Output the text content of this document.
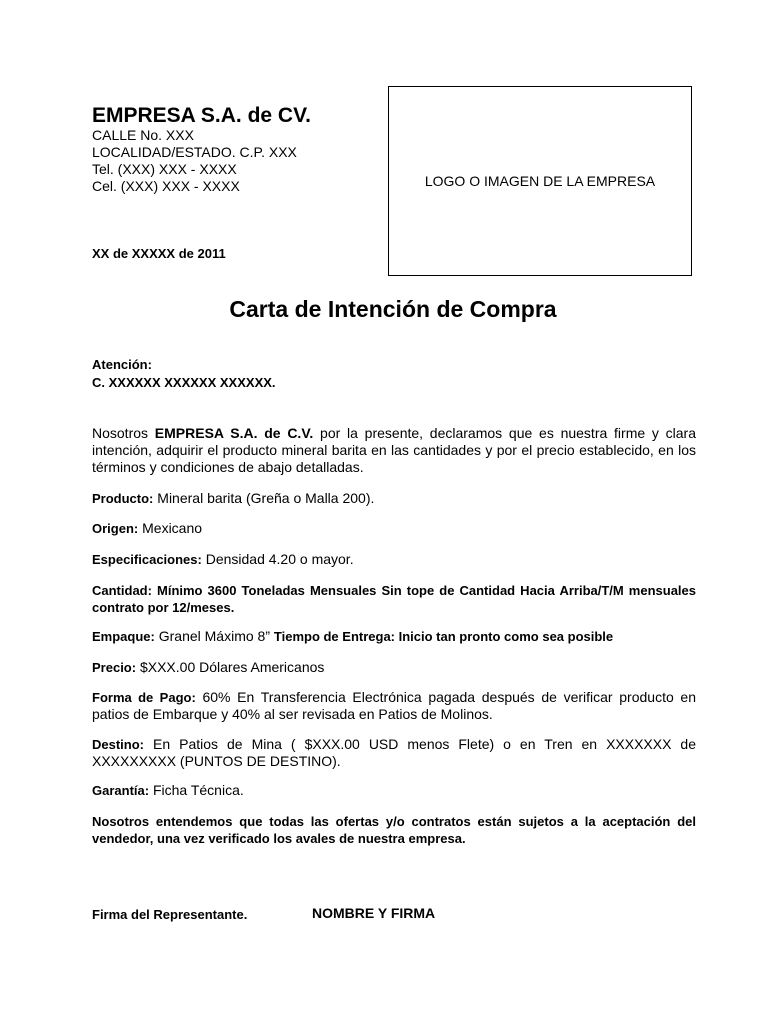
EMPRESA S.A. de CV.
CALLE No. XXX
LOCALIDAD/ESTADO. C.P. XXX
Tel. (XXX) XXX - XXXX
Cel. (XXX) XXX - XXXX	LOGO O IMAGEN DE LA EMPRESA
XX de XXXXX de 2011
Carta de Intención de Compra
Atención:
C. XXXXXX XXXXXX XXXXXX.
Nosotros EMPRESA S.A. de C.V. por la presente, declaramos que es nuestra firme y clara intención, adquirir el producto mineral barita en las cantidades y por el precio establecido, en los términos y condiciones de abajo detalladas.
Producto: Mineral barita (Greña o Malla 200).
Origen: Mexicano
Especificaciones: Densidad 4.20 o mayor.
Cantidad: Mínimo 3600 Toneladas Mensuales Sin tope de Cantidad Hacia Arriba/T/M mensuales contrato por 12/meses.
Empaque: Granel Máximo 8” Tiempo de Entrega: Inicio tan pronto como sea posible
Precio: $XXX.00 Dólares Americanos
Forma de Pago: 60% En Transferencia Electrónica pagada después de verificar producto en patios de Embarque y 40% al ser revisada en Patios de Molinos.
Destino: En Patios de Mina ( $XXX.00 USD menos Flete) o en Tren en XXXXXXX de XXXXXXXXX (PUNTOS DE DESTINO).
Garantía: Ficha Técnica.
Nosotros entendemos que todas las ofertas y/o contratos están sujetos a la aceptación del vendedor, una vez verificado los avales de nuestra empresa.
Firma del Representante.	NOMBRE Y FIRMA
